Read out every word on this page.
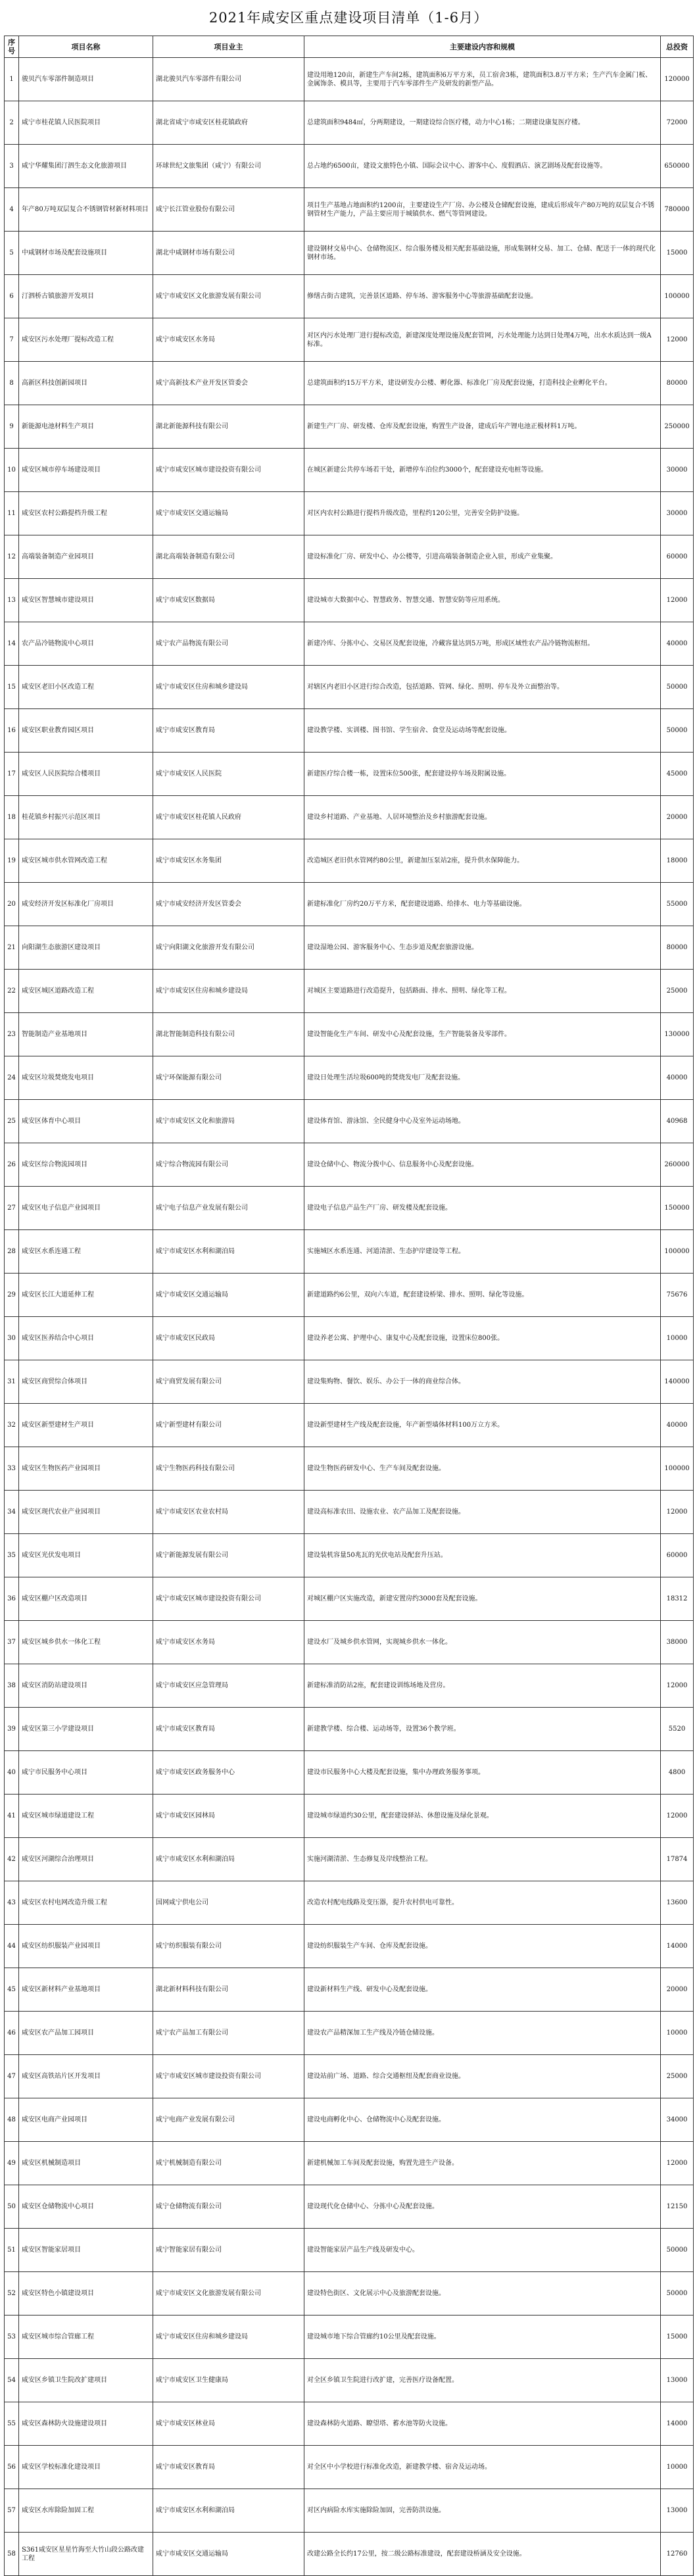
2021年咸安区重点建设项目清单（1-6月）
序号	项目名称	项目业主	主要建设内容和规模	总投资
1	骏贝汽车零部件制造项目	湖北骏贝汽车零部件有限公司	建设用地120亩，新建生产车间2栋，建筑面积6万平方米，员工宿舍3栋，建筑面积3.8万平方米；生产汽车金属门板、金属饰条、模具等，主要用于汽车零部件生产及研发的新型产品。	120000
2	咸宁市桂花镇人民医院项目	湖北省咸宁市咸安区桂花镇政府	总建筑面积9484㎡，分两期建设，一期建设综合医疗楼，动力中心1栋；二期建设康复医疗楼。	72000
3	咸宁华耀集团汀泗生态文化旅游项目	环球世纪文旅集团（咸宁）有限公司	总占地约6500亩，建设文旅特色小镇、国际会议中心、游客中心、度假酒店、演艺剧场及配套设施等。	650000
4	年产80万吨双层复合不锈钢管材新材料项目	咸宁长江管业股份有限公司	项目生产基地占地面积约1200亩，主要建设生产厂房、办公楼及仓储配套设施，建成后形成年产80万吨的双层复合不锈钢管材生产能力，产品主要应用于城镇供水、燃气等管网建设。	780000
5	中咸钢材市场及配套设施项目	湖北中咸钢材市场有限公司	建设钢材交易中心、仓储物流区、综合服务楼及相关配套基础设施，形成集钢材交易、加工、仓储、配送于一体的现代化钢材市场。	15000
6	汀泗桥古镇旅游开发项目	咸宁市咸安区文化旅游发展有限公司	修缮古街古建筑，完善景区道路、停车场、游客服务中心等旅游基础配套设施。	100000
7	咸安区污水处理厂提标改造工程	咸宁市咸安区水务局	对区内污水处理厂进行提标改造，新建深度处理设施及配套管网，污水处理能力达到日处理4万吨，出水水质达到一级A标准。	12000
8	高新区科技创新园项目	咸宁高新技术产业开发区管委会	总建筑面积约15万平方米，建设研发办公楼、孵化器、标准化厂房及配套设施，打造科技企业孵化平台。	80000
9	新能源电池材料生产项目	湖北新能源科技有限公司	新建生产厂房、研发楼、仓库及配套设施，购置生产设备，建成后年产锂电池正极材料1万吨。	250000
10	咸安区城市停车场建设项目	咸宁市咸安区城市建设投资有限公司	在城区新建公共停车场若干处，新增停车泊位约3000个，配套建设充电桩等设施。	30000
11	咸安区农村公路提档升级工程	咸宁市咸安区交通运输局	对区内农村公路进行提档升级改造，里程约120公里，完善安全防护设施。	30000
12	高端装备制造产业园项目	湖北高端装备制造有限公司	建设标准化厂房、研发中心、办公楼等，引进高端装备制造企业入驻，形成产业集聚。	60000
13	咸安区智慧城市建设项目	咸宁市咸安区数据局	建设城市大数据中心、智慧政务、智慧交通、智慧安防等应用系统。	12000
14	农产品冷链物流中心项目	咸宁农产品物流有限公司	新建冷库、分拣中心、交易区及配套设施，冷藏容量达到5万吨，形成区域性农产品冷链物流枢纽。	40000
15	咸安区老旧小区改造工程	咸宁市咸安区住房和城乡建设局	对辖区内老旧小区进行综合改造，包括道路、管网、绿化、照明、停车及外立面整治等。	50000
16	咸安区职业教育园区项目	咸宁市咸安区教育局	建设教学楼、实训楼、图书馆、学生宿舍、食堂及运动场等配套设施。	50000
17	咸安区人民医院综合楼项目	咸宁市咸安区人民医院	新建医疗综合楼一栋，设置床位500张，配套建设停车场及附属设施。	45000
18	桂花镇乡村振兴示范区项目	咸宁市咸安区桂花镇人民政府	建设乡村道路、产业基地、人居环境整治及乡村旅游配套设施。	20000
19	咸安区城市供水管网改造工程	咸宁市咸安区水务集团	改造城区老旧供水管网约80公里，新建加压泵站2座，提升供水保障能力。	18000
20	咸安经济开发区标准化厂房项目	咸宁市咸安经济开发区管委会	新建标准化厂房约20万平方米，配套建设道路、给排水、电力等基础设施。	55000
21	向阳湖生态旅游区建设项目	咸宁向阳湖文化旅游开发有限公司	建设湿地公园、游客服务中心、生态步道及配套旅游设施。	80000
22	咸安区城区道路改造工程	咸宁市咸安区住房和城乡建设局	对城区主要道路进行改造提升，包括路面、排水、照明、绿化等工程。	25000
23	智能制造产业基地项目	湖北智能制造科技有限公司	建设智能化生产车间、研发中心及配套设施，生产智能装备及零部件。	130000
24	咸安区垃圾焚烧发电项目	咸宁环保能源有限公司	建设日处理生活垃圾600吨的焚烧发电厂及配套设施。	40000
25	咸安区体育中心项目	咸宁市咸安区文化和旅游局	建设体育馆、游泳馆、全民健身中心及室外运动场地。	40968
26	咸安区综合物流园项目	咸宁综合物流园有限公司	建设仓储中心、物流分拨中心、信息服务中心及配套设施。	260000
27	咸安区电子信息产业园项目	咸宁电子信息产业发展有限公司	建设电子信息产品生产厂房、研发楼及配套设施。	150000
28	咸安区水系连通工程	咸宁市咸安区水利和湖泊局	实施城区水系连通、河道清淤、生态护岸建设等工程。	100000
29	咸安区长江大道延伸工程	咸宁市咸安区交通运输局	新建道路约6公里，双向六车道，配套建设桥梁、排水、照明、绿化等设施。	75676
30	咸安区医养结合中心项目	咸宁市咸安区民政局	建设养老公寓、护理中心、康复中心及配套设施，设置床位800张。	10000
31	咸安区商贸综合体项目	咸宁商贸发展有限公司	建设集购物、餐饮、娱乐、办公于一体的商业综合体。	140000
32	咸安区新型建材生产项目	咸宁新型建材有限公司	建设新型建材生产线及配套设施，年产新型墙体材料100万立方米。	40000
33	咸安区生物医药产业园项目	咸宁生物医药科技有限公司	建设生物医药研发中心、生产车间及配套设施。	100000
34	咸安区现代农业产业园项目	咸宁市咸安区农业农村局	建设高标准农田、设施农业、农产品加工及配套设施。	12000
35	咸安区光伏发电项目	咸宁新能源发展有限公司	建设装机容量50兆瓦的光伏电站及配套升压站。	60000
36	咸安区棚户区改造项目	咸宁市咸安区城市建设投资有限公司	对城区棚户区实施改造，新建安置房约3000套及配套设施。	18312
37	咸安区城乡供水一体化工程	咸宁市咸安区水务局	建设水厂及城乡供水管网，实现城乡供水一体化。	38000
38	咸安区消防站建设项目	咸宁市咸安区应急管理局	新建标准消防站2座，配套建设训练场地及营房。	12000
39	咸安区第三小学建设项目	咸宁市咸安区教育局	新建教学楼、综合楼、运动场等，设置36个教学班。	5520
40	咸宁市民服务中心项目	咸宁市咸安区政务服务中心	建设市民服务中心大楼及配套设施，集中办理政务服务事项。	4800
41	咸安区城市绿道建设工程	咸宁市咸安区园林局	建设城市绿道约30公里，配套建设驿站、休憩设施及绿化景观。	12000
42	咸安区河湖综合治理项目	咸宁市咸安区水利和湖泊局	实施河湖清淤、生态修复及岸线整治工程。	17874
43	咸安区农村电网改造升级工程	国网咸宁供电公司	改造农村配电线路及变压器，提升农村供电可靠性。	13600
44	咸安区纺织服装产业园项目	咸宁纺织服装有限公司	建设纺织服装生产车间、仓库及配套设施。	14000
45	咸安区新材料产业基地项目	湖北新材料科技有限公司	建设新材料生产线、研发中心及配套设施。	20000
46	咸安区农产品加工园项目	咸宁农产品加工有限公司	建设农产品精深加工生产线及冷链仓储设施。	10000
47	咸安区高铁站片区开发项目	咸宁市咸安区城市建设投资有限公司	建设站前广场、道路、综合交通枢纽及配套商业设施。	25000
48	咸安区电商产业园项目	咸宁电商产业发展有限公司	建设电商孵化中心、仓储物流中心及配套设施。	34000
49	咸安区机械制造项目	咸宁机械制造有限公司	新建机械加工车间及配套设施，购置先进生产设备。	12000
50	咸安区仓储物流中心项目	咸宁仓储物流有限公司	建设现代化仓储中心、分拣中心及配套设施。	12150
51	咸安区智能家居项目	咸宁智能家居有限公司	建设智能家居产品生产线及研发中心。	50000
52	咸安区特色小镇建设项目	咸宁市咸安区文化旅游发展有限公司	建设特色街区、文化展示中心及旅游配套设施。	50000
53	咸安区城市综合管廊工程	咸宁市咸安区住房和城乡建设局	建设城市地下综合管廊约10公里及配套设施。	15000
54	咸安区乡镇卫生院改扩建项目	咸宁市咸安区卫生健康局	对全区乡镇卫生院进行改扩建，完善医疗设备配置。	13000
55	咸安区森林防火设施建设项目	咸宁市咸安区林业局	建设森林防火道路、瞭望塔、蓄水池等防火设施。	14000
56	咸安区学校标准化建设项目	咸宁市咸安区教育局	对全区中小学校进行标准化改造，新建教学楼、宿舍及运动场。	10000
57	咸安区水库除险加固工程	咸宁市咸安区水利和湖泊局	对区内病险水库实施除险加固，完善防洪设施。	13000
58	S361咸安区星星竹海至大竹山段公路改建工程	咸宁市咸安区交通运输局	改建公路全长约17公里，按二级公路标准建设，配套建设桥涵及安全设施。	12760
